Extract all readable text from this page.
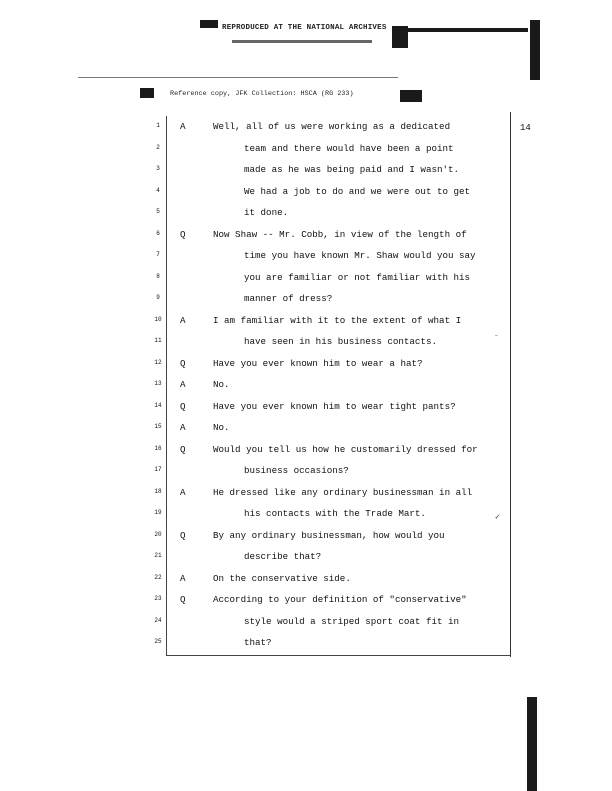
REPRODUCED AT THE NATIONAL ARCHIVES
Reference copy, JFK Collection: HSCA (RG 233)
14
1	A	Well, all of us were working as a dedicated
2	team and there would have been a point
3	made as he was being paid and I wasn't.
4	We had a job to do and we were out to get
5	it done.
6	Q	Now Shaw -- Mr. Cobb, in view of the length of
7	time you have known Mr. Shaw would you say
8	you are familiar or not familiar with his
9	manner of dress?
10	A	I am familiar with it to the extent of what I
11	have seen in his business contacts.
12	Q	Have you ever known him to wear a hat?
13	A	No.
14	Q	Have you ever known him to wear tight pants?
15	A	No.
16	Q	Would you tell us how he customarily dressed for
17	business occasions?
18	A	He dressed like any ordinary businessman in all
19	his contacts with the Trade Mart.
20	Q	By any ordinary businessman, how would you
21	describe that?
22	A	On the conservative side.
23	Q	According to your definition of "conservative"
24	style would a striped sport coat fit in
25	that?
⁻
✓
